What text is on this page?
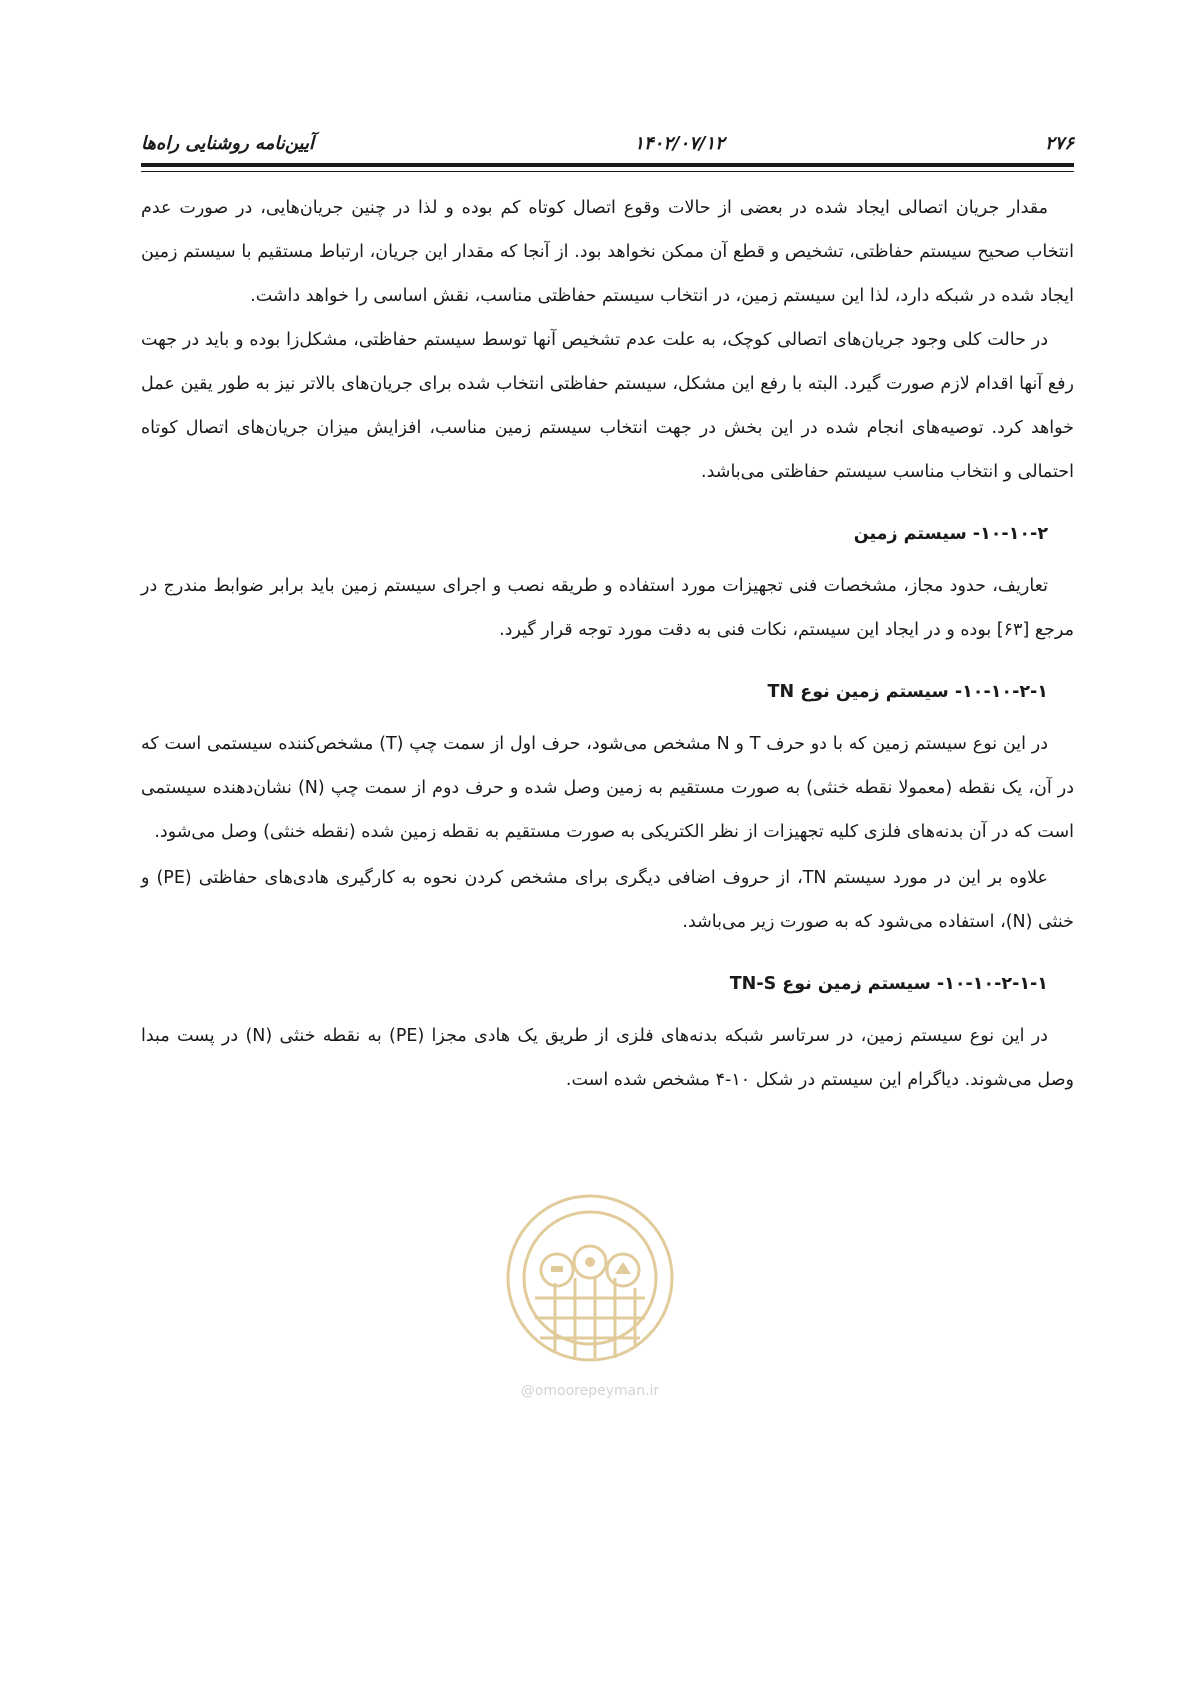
۲۷۶
۱۴۰۲/۰۷/۱۲
آیین‌نامه روشنایی راه‌ها

مقدار جریان اتصالی ایجاد شده در بعضی از حالات وقوع اتصال کوتاه کم بوده و لذا در چنین جریان‌هایی، در صورت عدم انتخاب صحیح سیستم حفاظتی، تشخیص و قطع آن ممکن نخواهد بود. از آنجا که مقدار این جریان، ارتباط مستقیم با سیستم زمین ایجاد شده در شبکه دارد، لذا این سیستم زمین، در انتخاب سیستم حفاظتی مناسب، نقش اساسی را خواهد داشت.

در حالت کلی وجود جریان‌های اتصالی کوچک، به علت عدم تشخیص آنها توسط سیستم حفاظتی، مشکل‌زا بوده و باید در جهت رفع آنها اقدام لازم صورت گیرد. البته با رفع این مشکل، سیستم حفاظتی انتخاب شده برای جریان‌های بالاتر نیز به طور یقین عمل خواهد کرد. توصیه‌های انجام شده در این بخش در جهت انتخاب سیستم زمین مناسب، افزایش میزان جریان‌های اتصال کوتاه احتمالی و انتخاب مناسب سیستم حفاظتی می‌باشد.

۱۰-۱۰-۲- سیستم زمین

تعاریف، حدود مجاز، مشخصات فنی تجهیزات مورد استفاده و طریقه نصب و اجرای سیستم زمین باید برابر ضوابط مندرج در مرجع [۶۳] بوده و در ایجاد این سیستم، نکات فنی به دقت مورد توجه قرار گیرد.

۱۰-۱۰-۲-۱- سیستم زمین نوع TN

در این نوع سیستم زمین که با دو حرف T و N مشخص می‌شود، حرف اول از سمت چپ (T) مشخص‌کننده سیستمی است که در آن، یک نقطه (معمولا نقطه خنثی) به صورت مستقیم به زمین وصل شده و حرف دوم از سمت چپ (N) نشان‌دهنده سیستمی است که در آن بدنه‌های فلزی کلیه تجهیزات از نظر الکتریکی به صورت مستقیم به نقطه زمین شده (نقطه خنثی) وصل می‌شود.

علاوه بر این در مورد سیستم TN، از حروف اضافی دیگری برای مشخص کردن نحوه به کارگیری هادی‌های حفاظتی (PE) و خنثی (N)، استفاده می‌شود که به صورت زیر می‌باشد.

۱۰-۱۰-۲-۱-۱- سیستم زمین نوع TN-S

در این نوع سیستم زمین، در سرتاسر شبکه بدنه‌های فلزی از طریق یک هادی مجزا (PE) به نقطه خنثی (N) در پست مبدا وصل می‌شوند. دیاگرام این سیستم در شکل ۱۰-۴ مشخص شده است.

@omoorepeyman.ir
